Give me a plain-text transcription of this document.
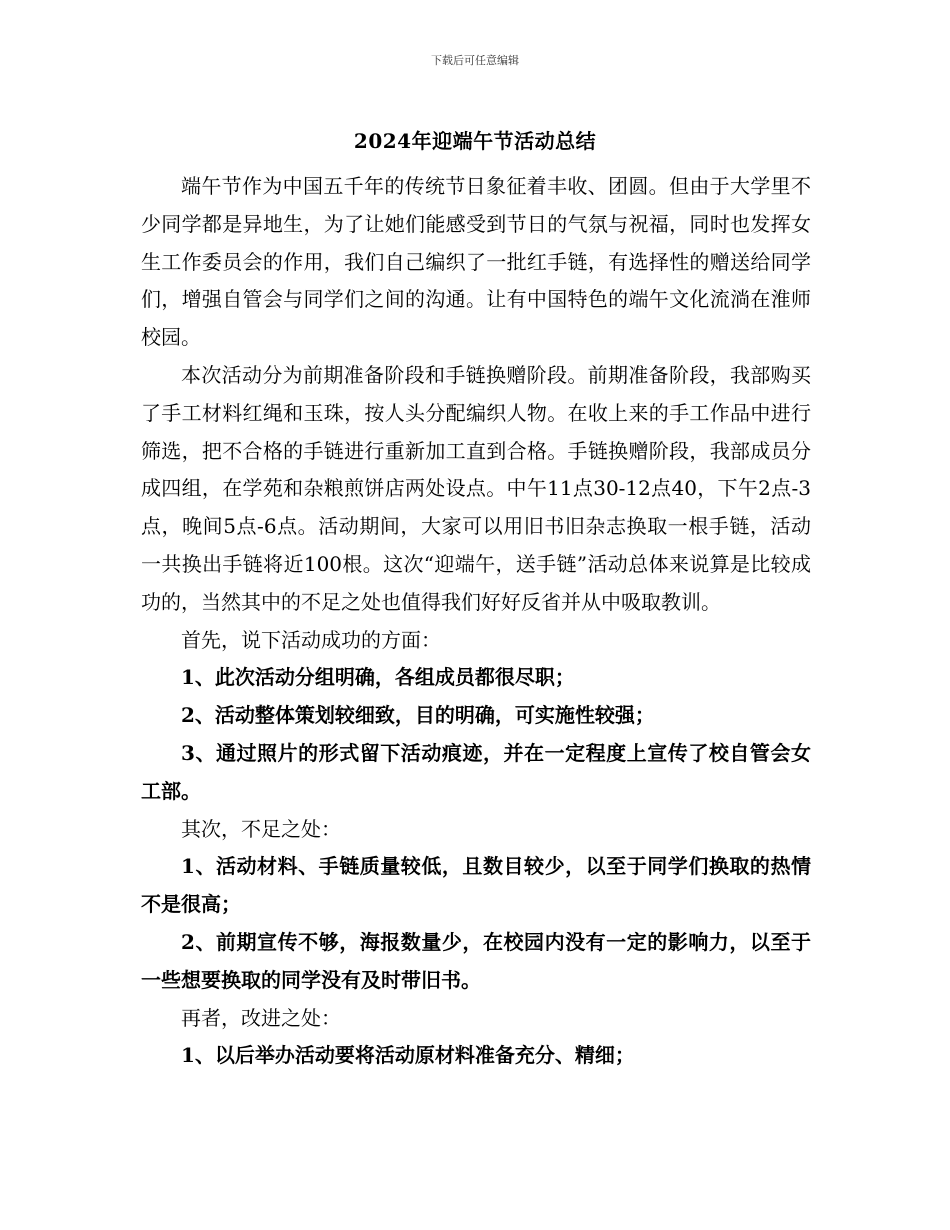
下载后可任意编辑
2024年迎端午节活动总结

端午节作为中国五千年的传统节日象征着丰收、团圆。但由于大学里不少同学都是异地生，为了让她们能感受到节日的气氛与祝福，同时也发挥女生工作委员会的作用，我们自己编织了一批红手链，有选择性的赠送给同学们，增强自管会与同学们之间的沟通。让有中国特色的端午文化流淌在淮师校园。

本次活动分为前期准备阶段和手链换赠阶段。前期准备阶段，我部购买了手工材料红绳和玉珠，按人头分配编织人物。在收上来的手工作品中进行筛选，把不合格的手链进行重新加工直到合格。手链换赠阶段，我部成员分成四组，在学苑和杂粮煎饼店两处设点。中午11点30-12点40，下午2点-3点，晚间5点-6点。活动期间，大家可以用旧书旧杂志换取一根手链，活动一共换出手链将近100根。这次“迎端午，送手链”活动总体来说算是比较成功的，当然其中的不足之处也值得我们好好反省并从中吸取教训。

首先，说下活动成功的方面：

1、此次活动分组明确，各组成员都很尽职；

2、活动整体策划较细致，目的明确，可实施性较强；

3、通过照片的形式留下活动痕迹，并在一定程度上宣传了校自管会女工部。

其次，不足之处：

1、活动材料、手链质量较低，且数目较少，以至于同学们换取的热情不是很高；

2、前期宣传不够，海报数量少，在校园内没有一定的影响力，以至于一些想要换取的同学没有及时带旧书。

再者，改进之处：

1、以后举办活动要将活动原材料准备充分、精细；
